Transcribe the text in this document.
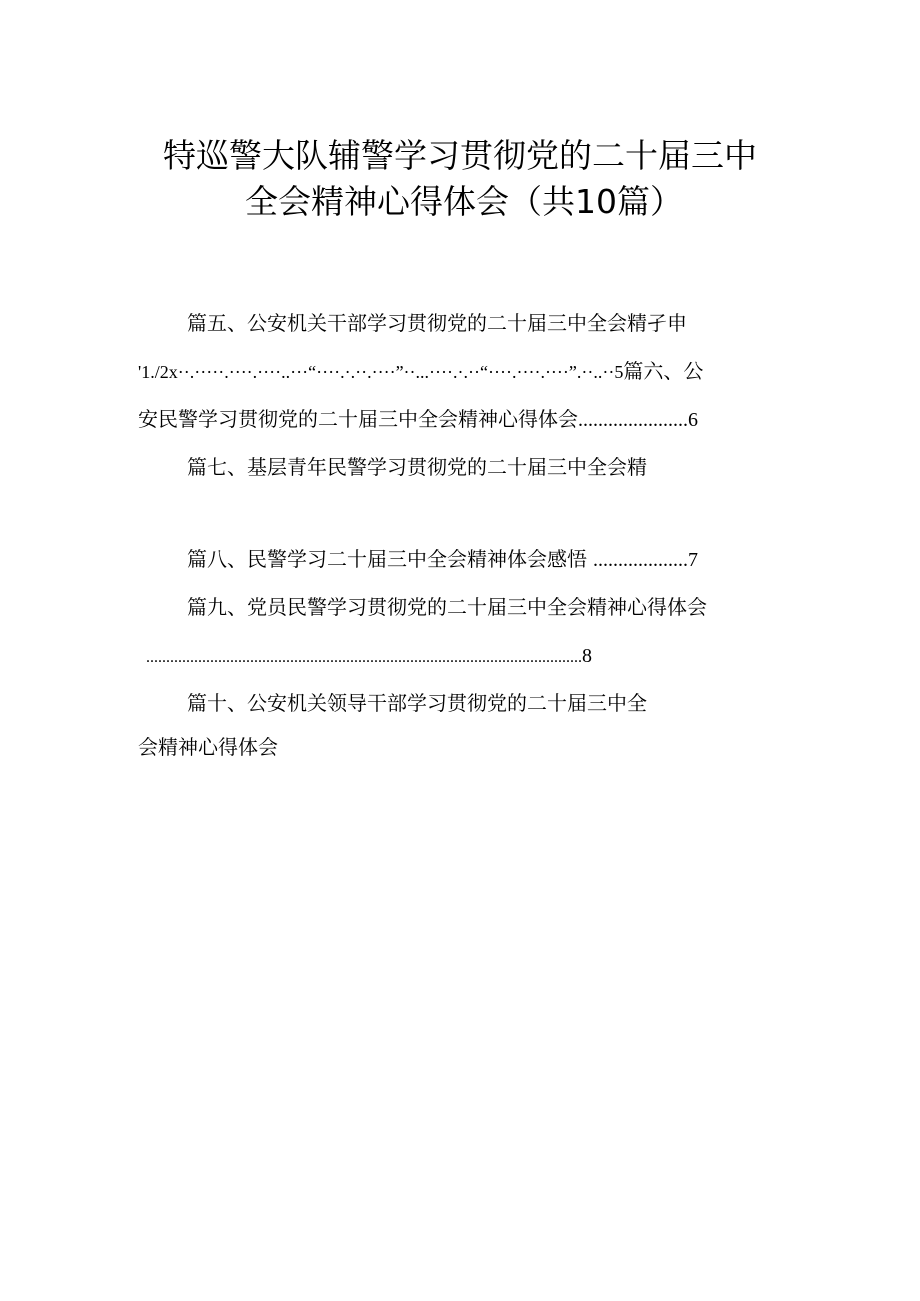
特巡警大队辅警学习贯彻党的二十届三中
全会精神心得体会（共10篇）
篇五、公安机关干部学习贯彻党的二十届三中全会精孑申
'1./2x··.·····.····.····..···“····.·.··.····”··...····.·.··“····.····.····”.··..··5篇六、公
安民警学习贯彻党的二十届三中全会精神心得体会......................6
篇七、基层青年民警学习贯彻党的二十届三中全会精
篇八、民警学习二十届三中全会精神体会感悟 ...................7
篇九、党员民警学习贯彻党的二十届三中全会精神心得体会
.............................................................................................................8
篇十、公安机关领导干部学习贯彻党的二十届三中全
会精神心得体会
